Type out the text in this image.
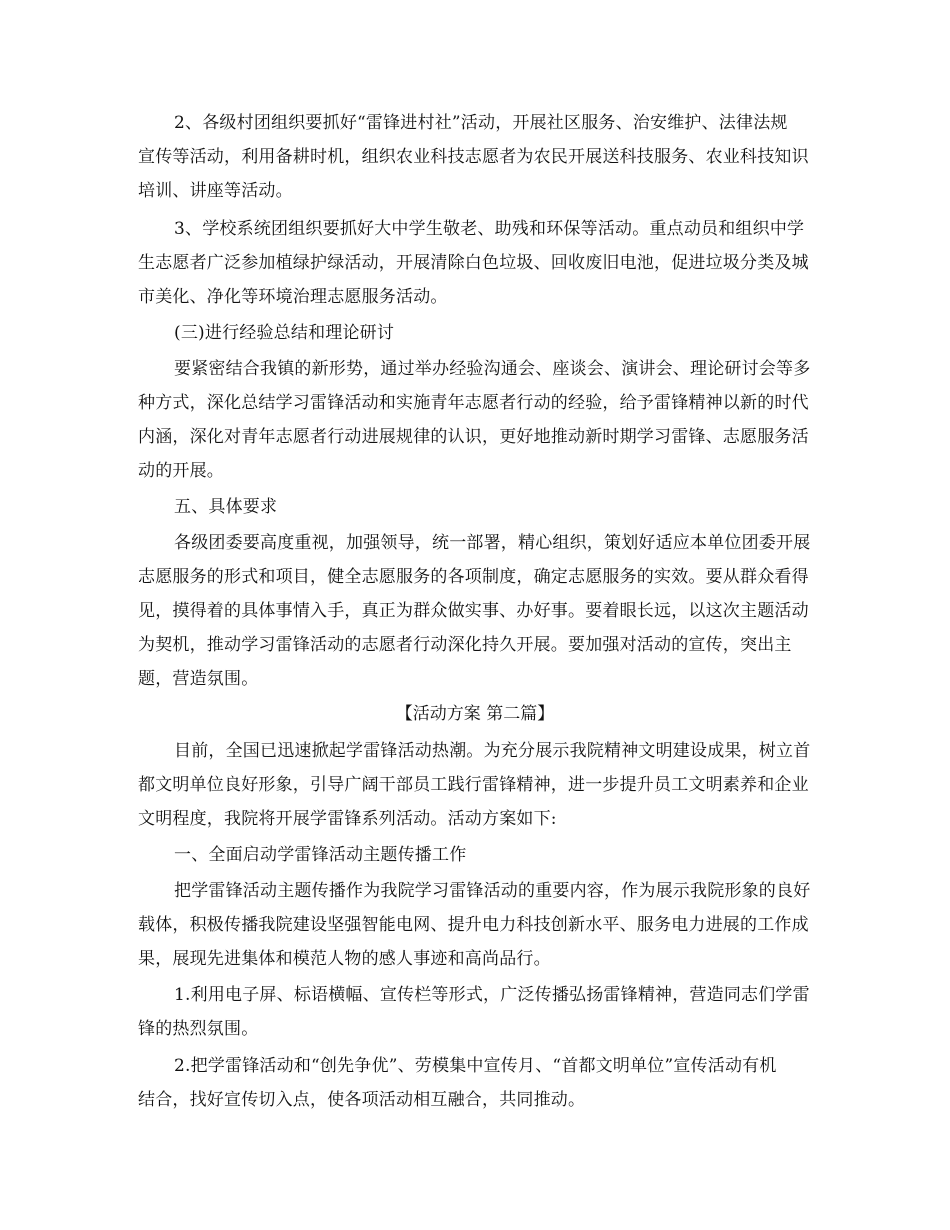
2、各级村团组织要抓好“雷锋进村社”活动，开展社区服务、治安维护、法律法规
宣传等活动，利用备耕时机，组织农业科技志愿者为农民开展送科技服务、农业科技知识
培训、讲座等活动。

3、学校系统团组织要抓好大中学生敬老、助残和环保等活动。重点动员和组织中学
生志愿者广泛参加植绿护绿活动，开展清除白色垃圾、回收废旧电池，促进垃圾分类及城
市美化、净化等环境治理志愿服务活动。

(三)进行经验总结和理论研讨

要紧密结合我镇的新形势，通过举办经验沟通会、座谈会、演讲会、理论研讨会等多
种方式，深化总结学习雷锋活动和实施青年志愿者行动的经验，给予雷锋精神以新的时代
内涵，深化对青年志愿者行动进展规律的认识，更好地推动新时期学习雷锋、志愿服务活
动的开展。

五、具体要求

各级团委要高度重视，加强领导，统一部署，精心组织，策划好适应本单位团委开展
志愿服务的形式和项目，健全志愿服务的各项制度，确定志愿服务的实效。要从群众看得
见，摸得着的具体事情入手，真正为群众做实事、办好事。要着眼长远，以这次主题活动
为契机，推动学习雷锋活动的志愿者行动深化持久开展。要加强对活动的宣传，突出主
题，营造氛围。

【活动方案 第二篇】

目前，全国已迅速掀起学雷锋活动热潮。为充分展示我院精神文明建设成果，树立首
都文明单位良好形象，引导广阔干部员工践行雷锋精神，进一步提升员工文明素养和企业
文明程度，我院将开展学雷锋系列活动。活动方案如下:

一、全面启动学雷锋活动主题传播工作

把学雷锋活动主题传播作为我院学习雷锋活动的重要内容，作为展示我院形象的良好
载体，积极传播我院建设坚强智能电网、提升电力科技创新水平、服务电力进展的工作成
果，展现先进集体和模范人物的感人事迹和高尚品行。

1.利用电子屏、标语横幅、宣传栏等形式，广泛传播弘扬雷锋精神，营造同志们学雷
锋的热烈氛围。

2.把学雷锋活动和“创先争优”、劳模集中宣传月、“首都文明单位”宣传活动有机
结合，找好宣传切入点，使各项活动相互融合，共同推动。
